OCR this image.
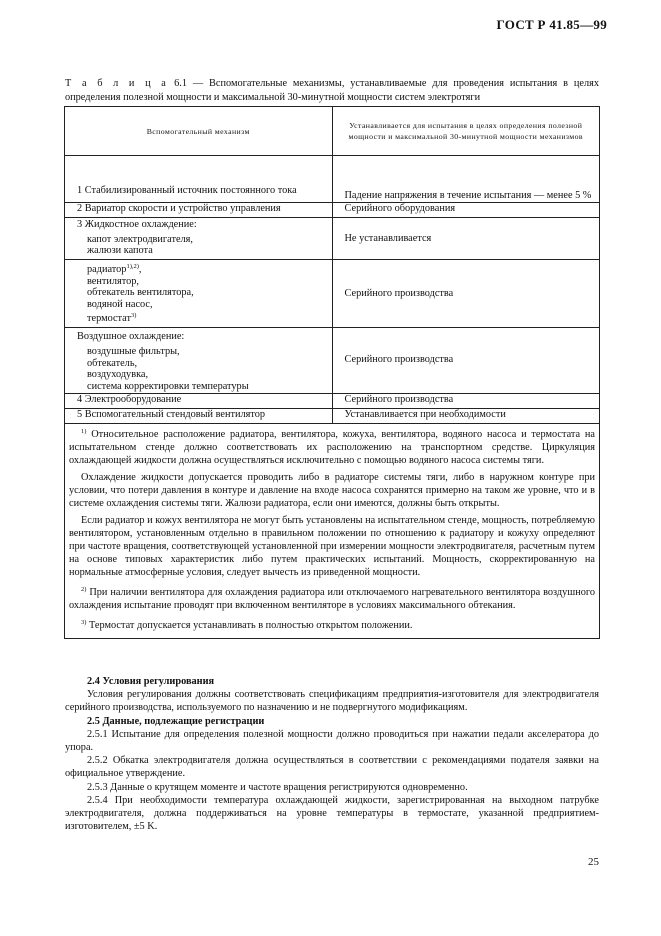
ГОСТ Р 41.85—99
Т а б л и ц а 6.1 — Вспомогательные механизмы, устанавливаемые для проведения испытания в целях определения полезной мощности и максимальной 30-минутной мощности систем электротяги
Вспомогательный механизм	Устанавливается для испытания в целях определения полезной мощности и максимальной 30-минутной мощности механизмов

1 Стабилизированный источник постоянного тока	Падение напряжения в течение испытания — менее 5 %

2 Вариатор скорости и устройство управления	Серийного оборудования

3 Жидкостное охлаждение:
капот электродвигателя,
жалюзи капота	Не устанавливается

радиатор$^{1),2)}$,
вентилятор,
обтекатель вентилятора,
водяной насос,
термостат$^{3)}$	Серийного производства

Воздушное охлаждение:
воздушные фильтры,
обтекатель,
воздуходувка,
система корректировки температуры	Серийного производства

4 Электрооборудование	Серийного производства

5 Вспомогательный стендовый вентилятор	Устанавливается при необходимости

$^{1)}$ Относительное расположение радиатора, вентилятора, кожуха, вентилятора, водяного насоса и термостата на испытательном стенде должно соответствовать их расположению на транспортном средстве. Циркуляция охлаждающей жидкости должна осуществляться исключительно с помощью водяного насоса системы тяги.

Охлаждение жидкости допускается проводить либо в радиаторе системы тяги, либо в наружном контуре при условии, что потери давления в контуре и давление на входе насоса сохранятся примерно на таком же уровне, что и в системе охлаждения системы тяги. Жалюзи радиатора, если они имеются, должны быть открыты.

Если радиатор и кожух вентилятора не могут быть установлены на испытательном стенде, мощность, потребляемую вентилятором, установленным отдельно в правильном положении по отношению к радиатору и кожуху определяют при частоте вращения, соответствующей установленной при измерении мощности электродвигателя, расчетным путем на основе типовых характеристик либо путем практических испытаний. Мощность, скорректированную на нормальные атмосферные условия, следует вычесть из приведенной мощности.

$^{2)}$ При наличии вентилятора для охлаждения радиатора или отключаемого нагревательного вентилятора воздушного охлаждения испытание проводят при включенном вентиляторе в условиях максимального обтекания.

$^{3)}$ Термостат допускается устанавливать в полностью открытом положении.	

2.4 Условия регулирования

Условия регулирования должны соответствовать спецификациям предприятия-изготовителя для электродвигателя серийного производства, используемого по назначению и не подвергнутого модификациям.

2.5 Данные, подлежащие регистрации

2.5.1 Испытание для определения полезной мощности должно проводиться при нажатии педали акселератора до упора.

2.5.2 Обкатка электродвигателя должна осуществляться в соответствии с рекомендациями подателя заявки на официальное утверждение.

2.5.3 Данные о крутящем моменте и частоте вращения регистрируются одновременно.

2.5.4 При необходимости температура охлаждающей жидкости, зарегистрированная на выходном патрубке электродвигателя, должна поддерживаться на уровне температуры в термостате, указанной предприятием-изготовителем, ±5 K.

25
